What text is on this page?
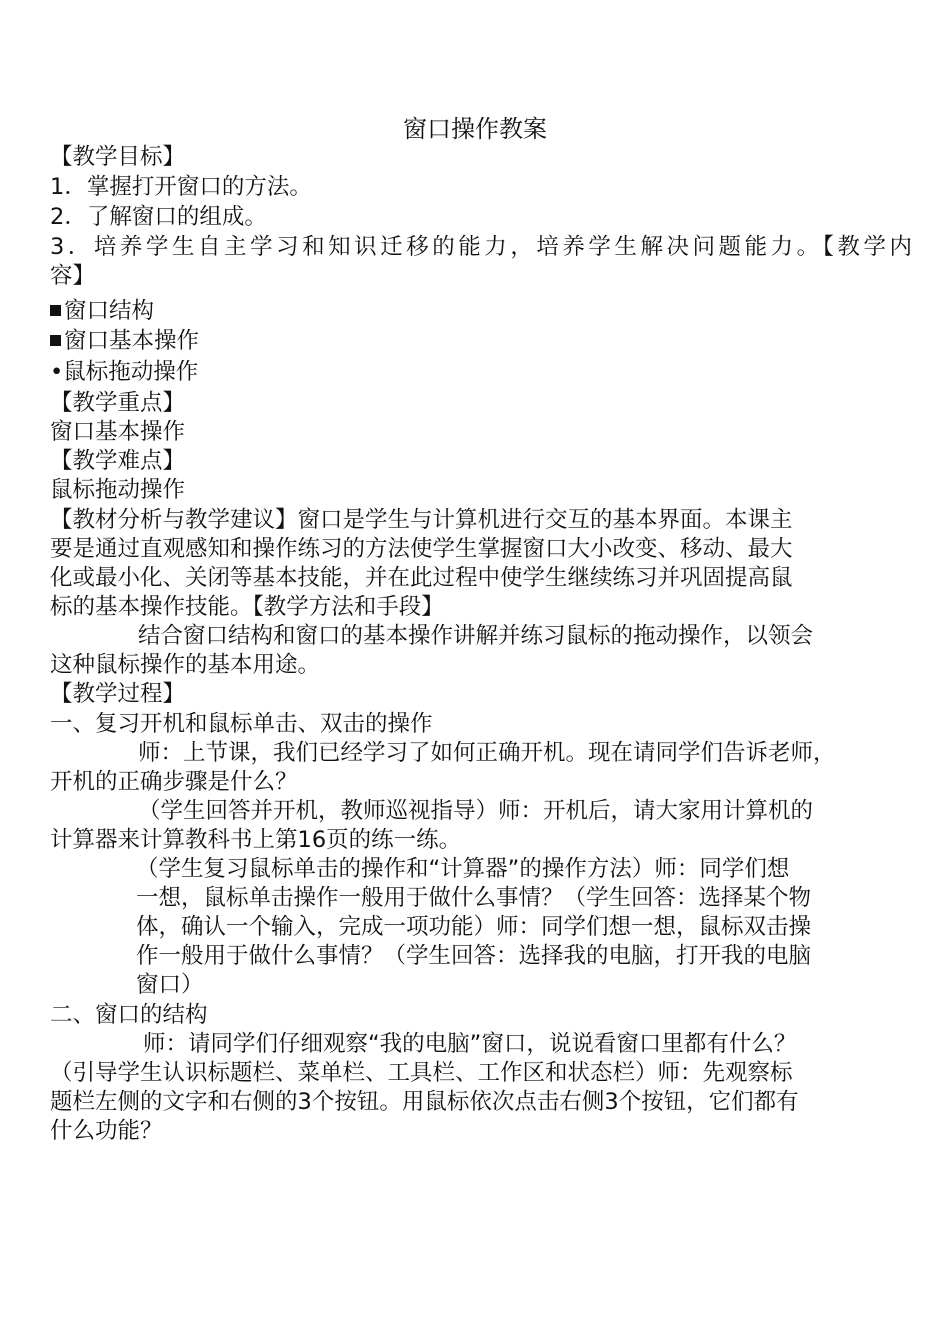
窗口操作教案
【教学目标】
1．掌握打开窗口的方法。
2．了解窗口的组成。
3．培养学生自主学习和知识迁移的能力，培养学生解决问题能力。【教学内
容】
窗口结构
窗口基本操作
•鼠标拖动操作
【教学重点】
窗口基本操作
【教学难点】
鼠标拖动操作
【教材分析与教学建议】窗口是学生与计算机进行交互的基本界面。本课主
要是通过直观感知和操作练习的方法使学生掌握窗口大小改变、移动、最大
化或最小化、关闭等基本技能，并在此过程中使学生继续练习并巩固提高鼠
标的基本操作技能。【教学方法和手段】
结合窗口结构和窗口的基本操作讲解并练习鼠标的拖动操作，以领会
这种鼠标操作的基本用途。
【教学过程】
一、复习开机和鼠标单击、双击的操作
师：上节课，我们已经学习了如何正确开机。现在请同学们告诉老师，
开机的正确步骤是什么？
（学生回答并开机，教师巡视指导）师：开机后，请大家用计算机的
计算器来计算教科书上第16页的练一练。
（学生复习鼠标单击的操作和“计算器”的操作方法）师：同学们想
一想，鼠标单击操作一般用于做什么事情？（学生回答：选择某个物
体，确认一个输入，完成一项功能）师：同学们想一想，鼠标双击操
作一般用于做什么事情？（学生回答：选择我的电脑，打开我的电脑
窗口）
二、窗口的结构
师：请同学们仔细观察“我的电脑”窗口，说说看窗口里都有什么？
（引导学生认识标题栏、菜单栏、工具栏、工作区和状态栏）师：先观察标
题栏左侧的文字和右侧的3个按钮。用鼠标依次点击右侧3个按钮，它们都有
什么功能？
